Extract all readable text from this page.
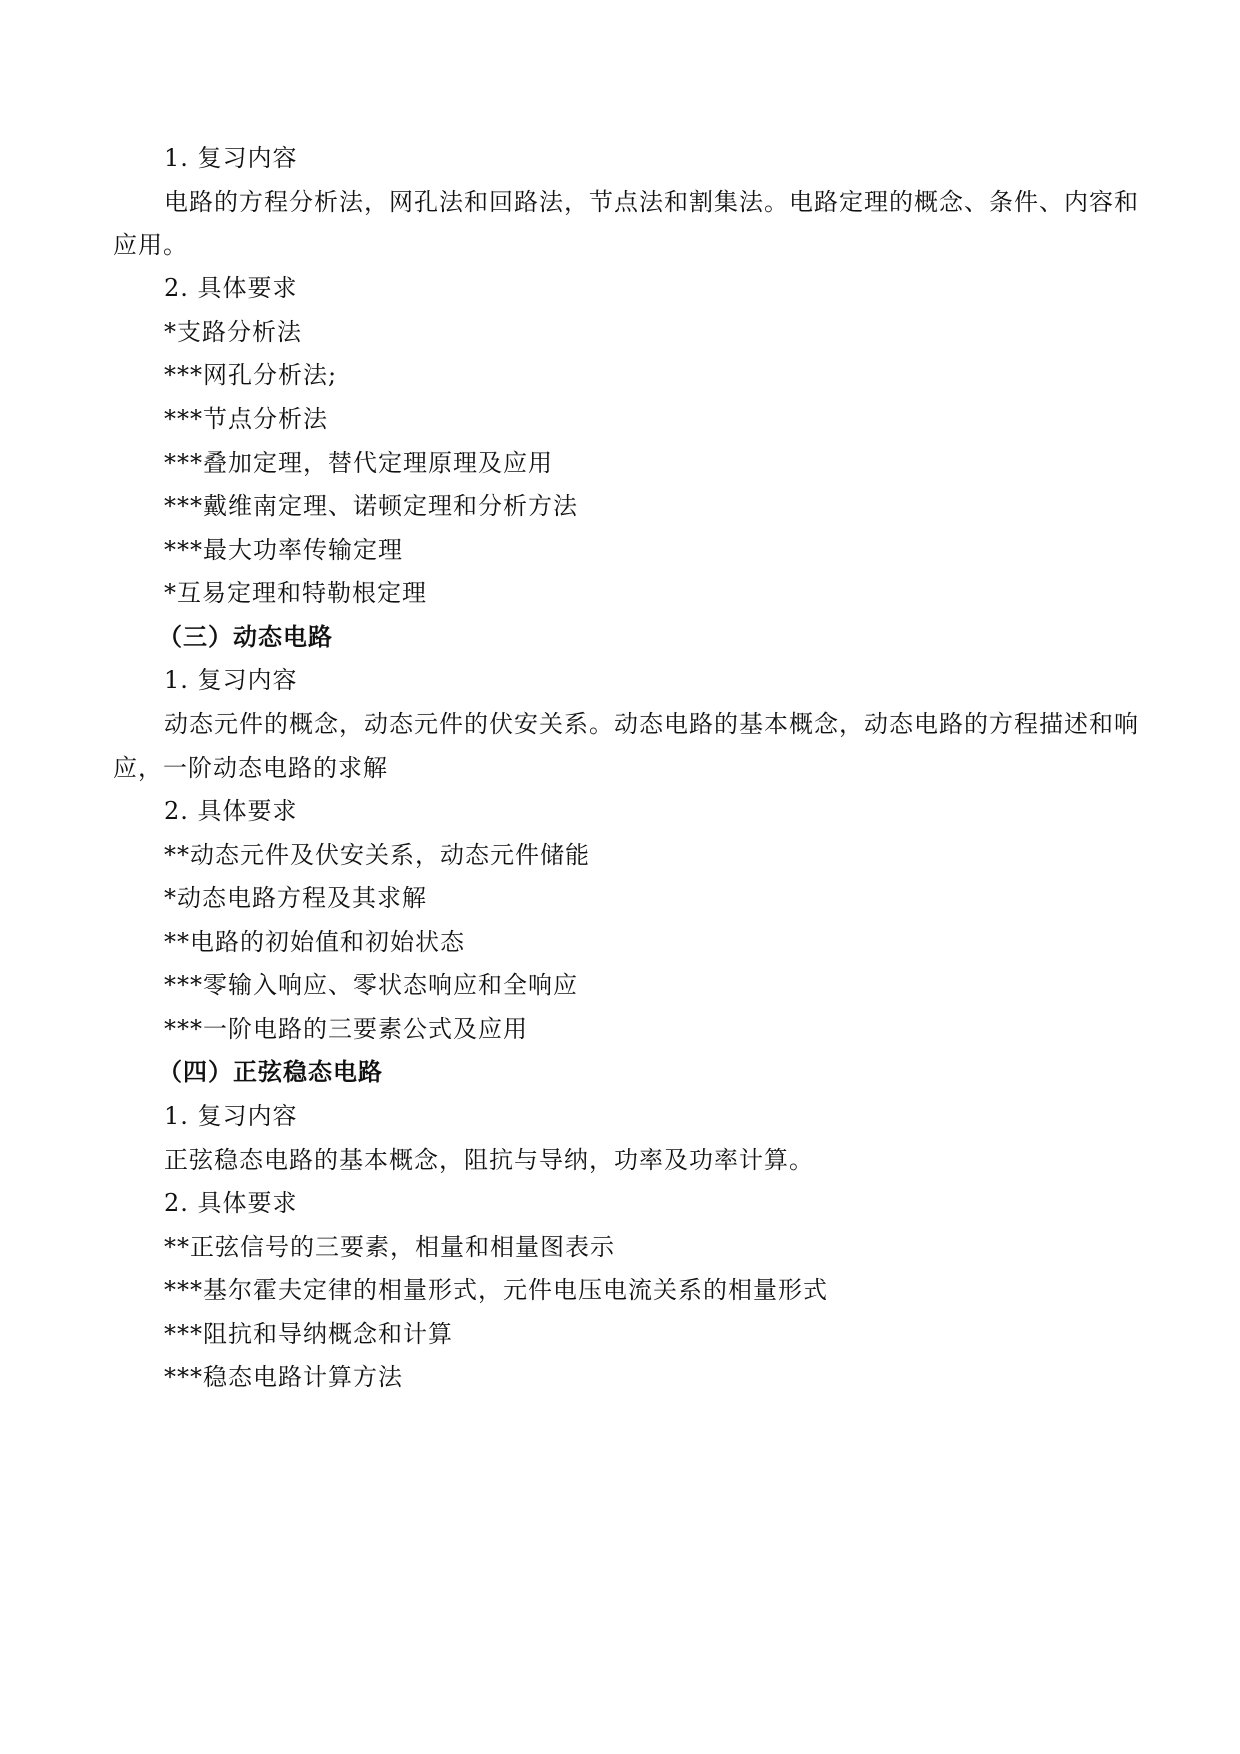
1. 复习内容
电路的方程分析法，网孔法和回路法，节点法和割集法。电路定理的概念、条件、内容和
应用。
2. 具体要求
*支路分析法
***网孔分析法;
***节点分析法
***叠加定理，替代定理原理及应用
***戴维南定理、诺顿定理和分析方法
***最大功率传输定理
*互易定理和特勒根定理
（三）动态电路
1. 复习内容
动态元件的概念，动态元件的伏安关系。动态电路的基本概念，动态电路的方程描述和响
应，一阶动态电路的求解
2. 具体要求
**动态元件及伏安关系，动态元件储能
*动态电路方程及其求解
**电路的初始值和初始状态
***零输入响应、零状态响应和全响应
***一阶电路的三要素公式及应用
（四）正弦稳态电路
1. 复习内容
正弦稳态电路的基本概念，阻抗与导纳，功率及功率计算。
2. 具体要求
**正弦信号的三要素，相量和相量图表示
***基尔霍夫定律的相量形式，元件电压电流关系的相量形式
***阻抗和导纳概念和计算
***稳态电路计算方法
